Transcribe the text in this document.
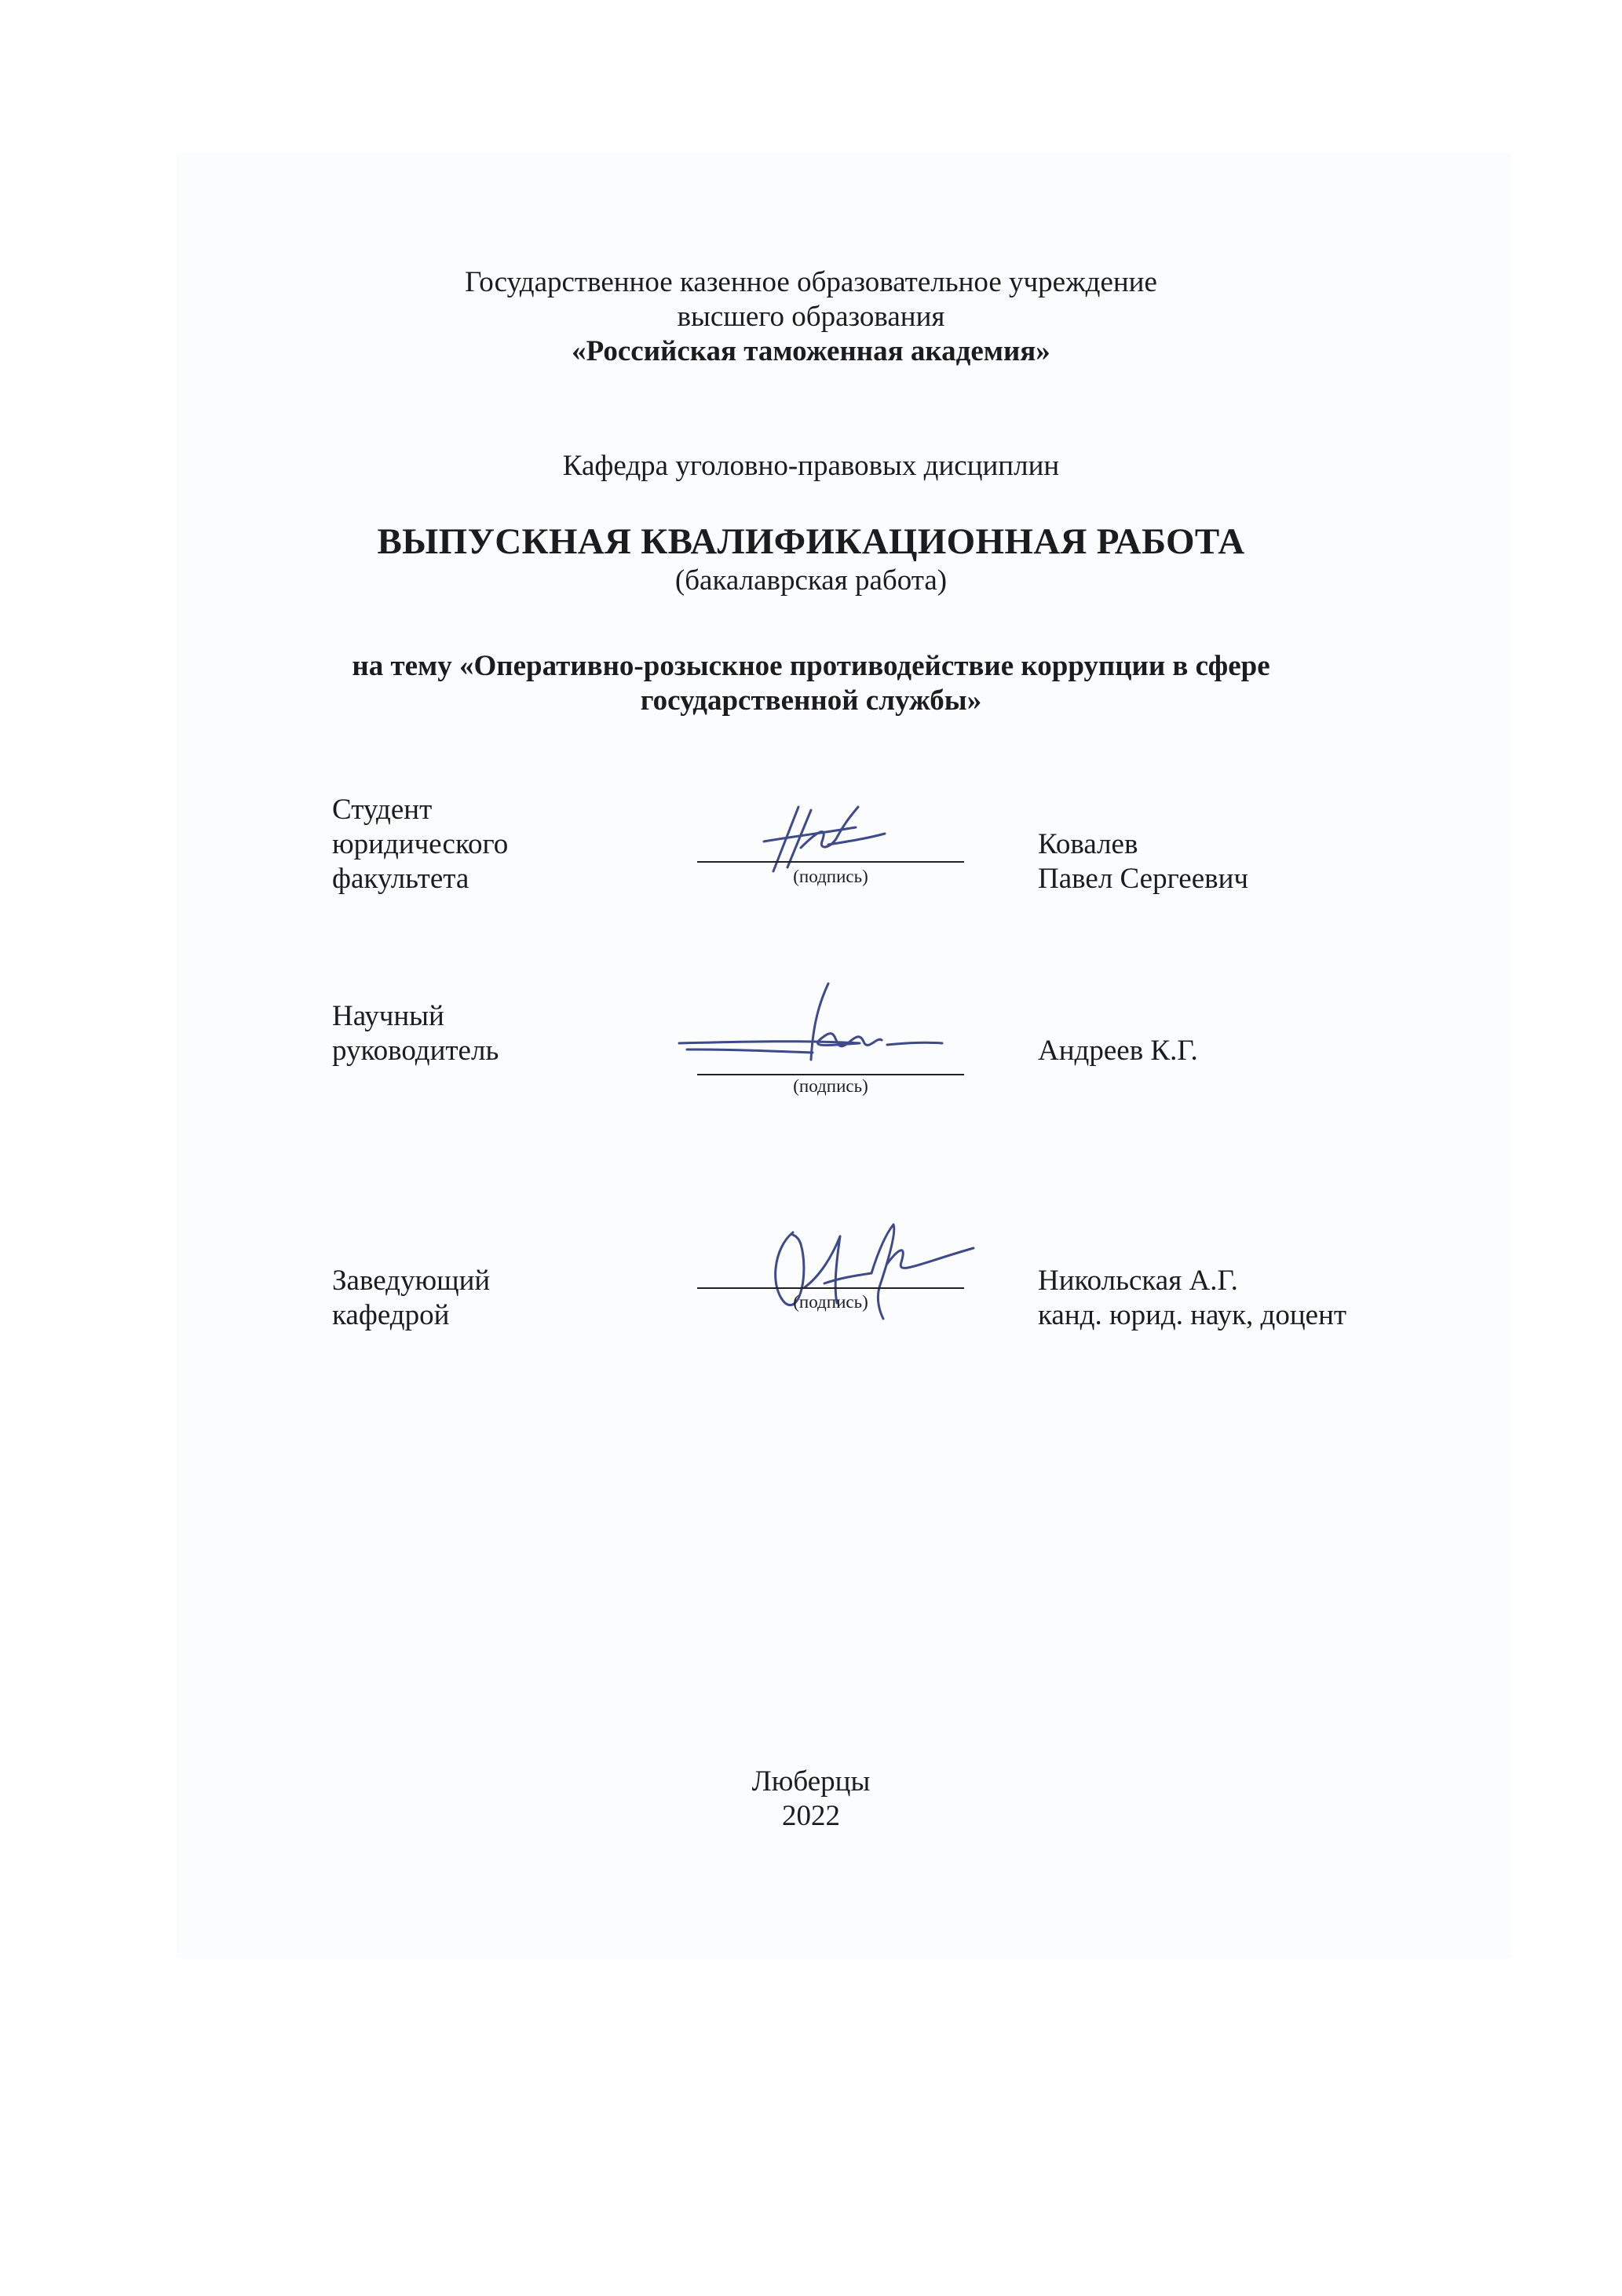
Государственное казенное образовательное учреждение
высшего образования
«Российская таможенная академия»
Кафедра уголовно-правовых дисциплин
ВЫПУСКНАЯ КВАЛИФИКАЦИОННАЯ РАБОТА
(бакалаврская работа)
на тему «Оперативно-розыскное противодействие коррупции в сфере
государственной службы»
Студент
юридического
факультета	(подпись)
Ковалев
Павел Сергеевич
Научный
руководитель
(подпись)
Андреев К.Г.
Заведующий
кафедрой	(подпись)
Никольская А.Г.
канд. юрид. наук, доцент
Люберцы
2022
